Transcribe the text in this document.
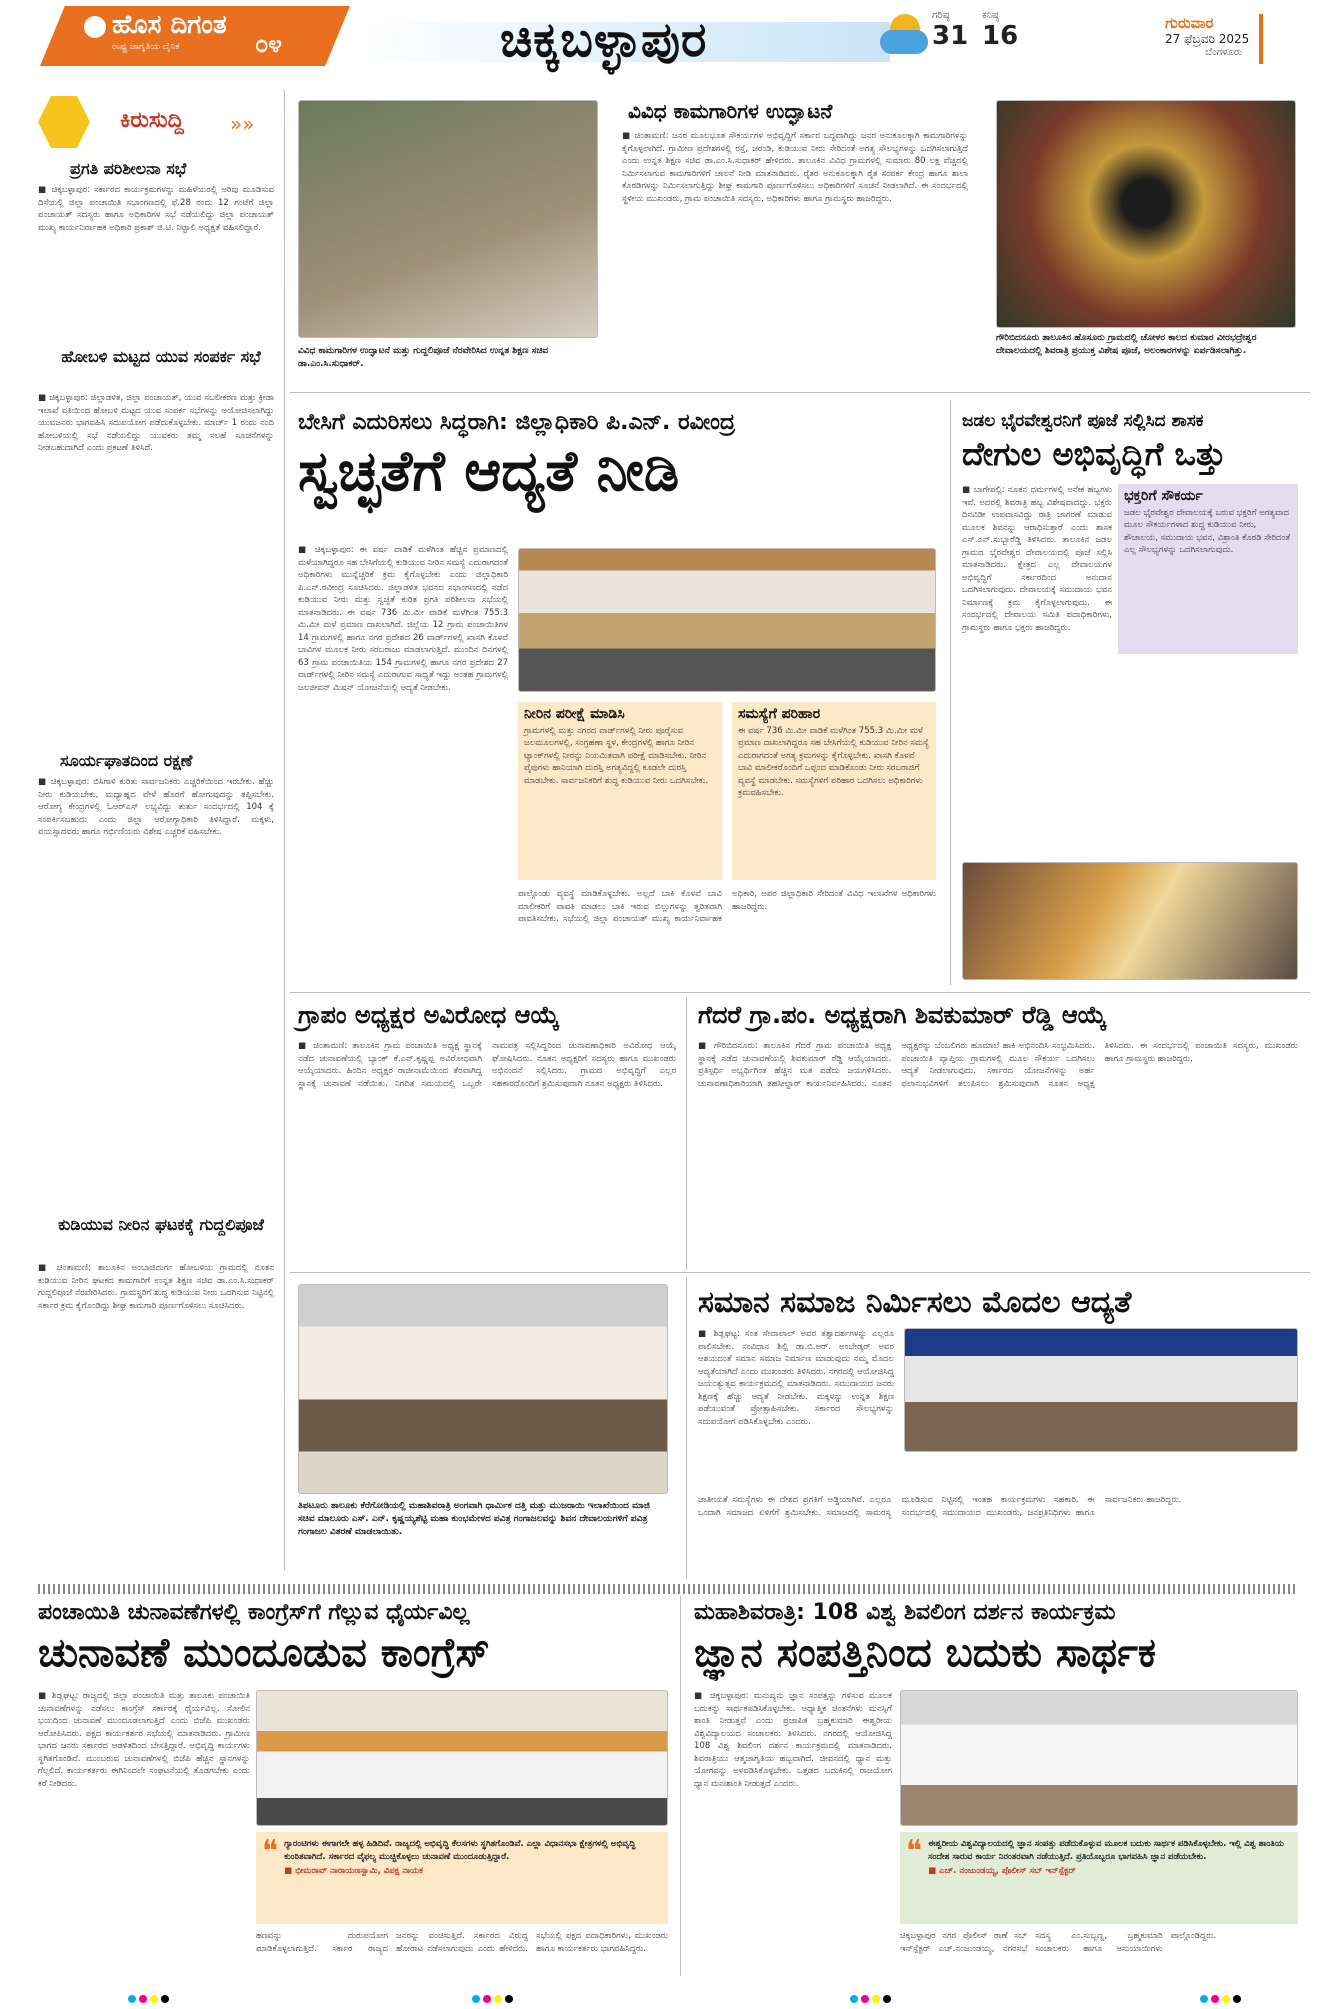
ಹೊಸ ದಿಗಂತ
ರಾಷ್ಟ್ರ ಜಾಗೃತಿಯ ದೈನಿಕ	೦೪	ಚಿಕ್ಕಬಳ್ಳಾಪುರ	ಗರಿಷ್ಠ
31
ಕನಿಷ್ಠ
16	ಗುರುವಾರ
27 ಫೆಬ್ರವರಿ 2025
ಬೆಂಗಳೂರು
ಕಿರುಸುದ್ದಿ »»
ಪ್ರಗತಿ ಪರಿಶೀಲನಾ ಸಭೆ
■ ಚಿಕ್ಕಬಳ್ಳಾಪುರ: ಸರ್ಕಾರದ ಕಾರ್ಯಕ್ರಮಗಳನ್ನು ಮಹಿಳೆಯರಲ್ಲಿ ಅರಿವು ಮೂಡಿಸುವ ದಿಸೆಯಲ್ಲಿ ಜಿಲ್ಲಾ ಪಂಚಾಯಿತಿ ಸಭಾಂಗಣದಲ್ಲಿ ಫೆ.28 ರಂದು 12 ಗಂಟೆಗೆ ಜಿಲ್ಲಾ ಪಂಚಾಯತ್ ಸದಸ್ಯರು ಹಾಗೂ ಅಧಿಕಾರಿಗಳ ಸಭೆ ನಡೆಯಲಿದ್ದು ಜಿಲ್ಲಾ ಪಂಚಾಯತ್ ಮುಖ್ಯ ಕಾರ್ಯನಿರ್ವಾಹಕ ಅಧಿಕಾರಿ ಪ್ರಕಾಶ್ ಜಿ.ಟಿ. ನಿಟ್ಟಾಲಿ ಅಧ್ಯಕ್ಷತೆ ವಹಿಸಲಿದ್ದಾರೆ.
ಹೋಬಳಿ ಮಟ್ಟದ ಯುವ ಸಂಪರ್ಕ ಸಭೆ
■ ಚಿಕ್ಕಬಳ್ಳಾಪುರ: ಜಿಲ್ಲಾಡಳಿತ, ಜಿಲ್ಲಾ ಪಂಚಾಯತ್, ಯುವ ಸಬಲೀಕರಣ ಮತ್ತು ಕ್ರೀಡಾ ಇಲಾಖೆ ವತಿಯಿಂದ ಹೋಬಳಿ ಮಟ್ಟದ ಯುವ ಸಂಪರ್ಕ ಸಭೆಗಳನ್ನು ಆಯೋಜಿಸಲಾಗಿದ್ದು ಯುವಜನರು ಭಾಗವಹಿಸಿ ಸದುಪಯೋಗ ಪಡೆದುಕೊಳ್ಳಬೇಕು. ಮಾರ್ಚ್ 1 ರಂದು ನಂದಿ ಹೋಬಳಿಯಲ್ಲಿ ಸಭೆ ನಡೆಯಲಿದ್ದು ಯುವಕರು ತಮ್ಮ ಸಲಹೆ ಸೂಚನೆಗಳನ್ನು ನೀಡಬಹುದಾಗಿದೆ ಎಂದು ಪ್ರಕಟಣೆ ತಿಳಿಸಿದೆ.
ಸೂರ್ಯಘಾತದಿಂದ ರಕ್ಷಣೆ
■ ಚಿಕ್ಕಬಳ್ಳಾಪುರ: ಬಿಸಿಗಾಳಿ ಕುರಿತು ಸಾರ್ವಜನಿಕರು ಎಚ್ಚರಿಕೆಯಿಂದ ಇರಬೇಕು. ಹೆಚ್ಚು ನೀರು ಕುಡಿಯಬೇಕು, ಮಧ್ಯಾಹ್ನದ ವೇಳೆ ಹೊರಗೆ ಹೋಗುವುದನ್ನು ತಪ್ಪಿಸಬೇಕು. ಆರೋಗ್ಯ ಕೇಂದ್ರಗಳಲ್ಲಿ ಓಆರ್‌ಎಸ್ ಲಭ್ಯವಿದ್ದು ತುರ್ತು ಸಂದರ್ಭದಲ್ಲಿ 104 ಕ್ಕೆ ಸಂಪರ್ಕಿಸಬಹುದು ಎಂದು ಜಿಲ್ಲಾ ಆರೋಗ್ಯಾಧಿಕಾರಿ ತಿಳಿಸಿದ್ದಾರೆ. ಮಕ್ಕಳು, ವಯಸ್ಸಾದವರು ಹಾಗೂ ಗರ್ಭಿಣಿಯರು ವಿಶೇಷ ಎಚ್ಚರಿಕೆ ವಹಿಸಬೇಕು.
ಕುಡಿಯುವ ನೀರಿನ ಘಟಕಕ್ಕೆ ಗುದ್ದಲಿಪೂಜೆ
■ ಚಿಂತಾಮಣಿ: ತಾಲೂಕಿನ ಅಂಬಾಜಿದುರ್ಗ ಹೋಬಳಿಯ ಗ್ರಾಮದಲ್ಲಿ ನೂತನ ಕುಡಿಯುವ ನೀರಿನ ಘಟಕದ ಕಾಮಗಾರಿಗೆ ಉನ್ನತ ಶಿಕ್ಷಣ ಸಚಿವ ಡಾ.ಎಂ.ಸಿ.ಸುಧಾಕರ್ ಗುದ್ದಲಿಪೂಜೆ ನೆರವೇರಿಸಿದರು. ಗ್ರಾಮಸ್ಥರಿಗೆ ಶುದ್ಧ ಕುಡಿಯುವ ನೀರು ಒದಗಿಸುವ ನಿಟ್ಟಿನಲ್ಲಿ ಸರ್ಕಾರ ಕ್ರಮ ಕೈಗೊಂಡಿದ್ದು ಶೀಘ್ರ ಕಾಮಗಾರಿ ಪೂರ್ಣಗೊಳಿಸಲು ಸೂಚಿಸಿದರು.
ವಿವಿಧ ಕಾಮಗಾರಿಗಳ ಉದ್ಘಾಟನೆ ಮತ್ತು ಗುದ್ದಲಿಪೂಜೆ ನೆರವೇರಿಸಿದ ಉನ್ನತ ಶಿಕ್ಷಣ ಸಚಿವ ಡಾ.ಎಂ.ಸಿ.ಸುಧಾಕರ್.
ವಿವಿಧ ಕಾಮಗಾರಿಗಳ ಉದ್ಘಾಟನೆ
■ ಚಿಂತಾಮಣಿ: ಜನರ ಮೂಲಭೂತ ಸೌಕರ್ಯಗಳ ಅಭಿವೃದ್ಧಿಗೆ ಸರ್ಕಾರ ಬದ್ಧವಾಗಿದ್ದು ಜನರ ಅನುಕೂಲಕ್ಕಾಗಿ ಕಾಮಗಾರಿಗಳನ್ನು ಕೈಗೊಳ್ಳಲಾಗಿದೆ. ಗ್ರಾಮೀಣ ಪ್ರದೇಶಗಳಲ್ಲಿ ರಸ್ತೆ, ಚರಂಡಿ, ಕುಡಿಯುವ ನೀರು ಸೇರಿದಂತೆ ಅಗತ್ಯ ಸೌಲಭ್ಯಗಳನ್ನು ಒದಗಿಸಲಾಗುತ್ತಿದೆ ಎಂದು ಉನ್ನತ ಶಿಕ್ಷಣ ಸಚಿವ ಡಾ.ಎಂ.ಸಿ.ಸುಧಾಕರ್ ಹೇಳಿದರು. ತಾಲೂಕಿನ ವಿವಿಧ ಗ್ರಾಮಗಳಲ್ಲಿ ಸುಮಾರು 80 ಲಕ್ಷ ವೆಚ್ಚದಲ್ಲಿ ನಿರ್ಮಿಸಲಾಗುವ ಕಾಮಗಾರಿಗಳಿಗೆ ಚಾಲನೆ ನೀಡಿ ಮಾತನಾಡಿದರು. ರೈತರ ಅನುಕೂಲಕ್ಕಾಗಿ ರೈತ ಸಂಪರ್ಕ ಕೇಂದ್ರ ಹಾಗೂ ಶಾಲಾ ಕೊಠಡಿಗಳನ್ನು ನಿರ್ಮಿಸಲಾಗುತ್ತಿದ್ದು ಶೀಘ್ರ ಕಾಮಗಾರಿ ಪೂರ್ಣಗೊಳಿಸಲು ಅಧಿಕಾರಿಗಳಿಗೆ ಸೂಚನೆ ನೀಡಲಾಗಿದೆ. ಈ ಸಂದರ್ಭದಲ್ಲಿ ಸ್ಥಳೀಯ ಮುಖಂಡರು, ಗ್ರಾಮ ಪಂಚಾಯಿತಿ ಸದಸ್ಯರು, ಅಧಿಕಾರಿಗಳು ಹಾಗೂ ಗ್ರಾಮಸ್ಥರು ಹಾಜರಿದ್ದರು.
ಗೌರಿಬಿದನೂರು ತಾಲೂಕಿನ ಹೊಸೂರು ಗ್ರಾಮದಲ್ಲಿ ಚೋಳರ ಕಾಲದ ಕುಮಾರ ವೀರಭದ್ರೇಶ್ವರ ದೇವಾಲಯದಲ್ಲಿ ಶಿವರಾತ್ರಿ ಪ್ರಯುಕ್ತ ವಿಶೇಷ ಪೂಜೆ, ಅಲಂಕಾರಗಳನ್ನು ಏರ್ಪಡಿಸಲಾಗಿತ್ತು.
ಬೇಸಿಗೆ ಎದುರಿಸಲು ಸಿದ್ಧರಾಗಿ: ಜಿಲ್ಲಾಧಿಕಾರಿ ಪಿ.ಎನ್. ರವೀಂದ್ರ
ಸ್ವಚ್ಛತೆಗೆ ಆದ್ಯತೆ ನೀಡಿ
■ ಚಿಕ್ಕಬಳ್ಳಾಪುರ: ಈ ವರ್ಷ ವಾಡಿಕೆ ಮಳೆಗಿಂತ ಹೆಚ್ಚಿನ ಪ್ರಮಾಣದಲ್ಲಿ ಮಳೆಯಾಗಿದ್ದರೂ ಸಹ ಬೇಸಿಗೆಯಲ್ಲಿ ಕುಡಿಯುವ ನೀರಿನ ಸಮಸ್ಯೆ ಎದುರಾಗದಂತೆ ಅಧಿಕಾರಿಗಳು ಮುನ್ನೆಚ್ಚರಿಕೆ ಕ್ರಮ ಕೈಗೊಳ್ಳಬೇಕು ಎಂದು ಜಿಲ್ಲಾಧಿಕಾರಿ ಪಿ.ಎನ್.ರವೀಂದ್ರ ಸೂಚಿಸಿದರು. ಜಿಲ್ಲಾಡಳಿತ ಭವನದ ಸಭಾಂಗಣದಲ್ಲಿ ನಡೆದ ಕುಡಿಯುವ ನೀರು ಮತ್ತು ಸ್ವಚ್ಛತೆ ಕುರಿತ ಪ್ರಗತಿ ಪರಿಶೀಲನಾ ಸಭೆಯಲ್ಲಿ ಮಾತನಾಡಿದರು. ಈ ವರ್ಷ 736 ಮಿ.ಮೀ ವಾಡಿಕೆ ಮಳೆಗಿಂತ 755.3 ಮಿ.ಮೀ ಮಳೆ ಪ್ರಮಾಣ ದಾಖಲಾಗಿದೆ. ಜಿಲ್ಲೆಯ 12 ಗ್ರಾಮ ಪಂಚಾಯಿತಿಗಳ 14 ಗ್ರಾಮಗಳಲ್ಲಿ ಹಾಗೂ ನಗರ ಪ್ರದೇಶದ 26 ವಾರ್ಡ್‌ಗಳಲ್ಲಿ ಖಾಸಗಿ ಕೊಳವೆ ಬಾವಿಗಳ ಮೂಲಕ ನೀರು ಸರಬರಾಜು ಮಾಡಲಾಗುತ್ತಿದೆ. ಮುಂದಿನ ದಿನಗಳಲ್ಲಿ 63 ಗ್ರಾಮ ಪಂಚಾಯಿತಿಯ 154 ಗ್ರಾಮಗಳಲ್ಲಿ ಹಾಗೂ ನಗರ ಪ್ರದೇಶದ 27 ವಾರ್ಡ್‌ಗಳಲ್ಲಿ ನೀರಿನ ಸಮಸ್ಯೆ ಎದುರಾಗುವ ಸಾಧ್ಯತೆ ಇದ್ದು ಅಂತಹ ಗ್ರಾಮಗಳಲ್ಲಿ ಜಲಜೀವನ್ ಮಿಷನ್ ಯೋಜನೆಯಲ್ಲಿ ಆದ್ಯತೆ ನೀಡಬೇಕು.
ನೀರಿನ ಪರೀಕ್ಷೆ ಮಾಡಿಸಿ
ಗ್ರಾಮಗಳಲ್ಲಿ ಮತ್ತು ನಗರದ ವಾರ್ಡ್‌ಗಳಲ್ಲಿ ನೀರು ಪೂರೈಸುವ ಜಲಮೂಲಗಳಲ್ಲಿ, ಸಂಗ್ರಹಣಾ ಸ್ಥಳ, ಕೇಂದ್ರಗಳಲ್ಲಿ ಹಾಗೂ ನೀರಿನ ಟ್ಯಾಂಕ್‌ಗಳಲ್ಲಿ ನೀರನ್ನು ನಿಯಮಿತವಾಗಿ ಪರೀಕ್ಷೆ ಮಾಡಿಸಬೇಕು. ನೀರಿನ ಪೈಪುಗಳು ಹಾನಿಯಾಗಿ ದುರಸ್ತಿ ಅಗತ್ಯವಿದ್ದಲ್ಲಿ ಕೂಡಲೇ ದುರಸ್ತಿ ಮಾಡಬೇಕು. ಸಾರ್ವಜನಿಕರಿಗೆ ಶುದ್ಧ ಕುಡಿಯುವ ನೀರು ಒದಗಿಸಬೇಕು.
ಸಮಸ್ಯೆಗೆ ಪರಿಹಾರ
ಈ ವರ್ಷ 736 ಮಿ.ಮೀ ವಾಡಿಕೆ ಮಳೆಗಿಂತ 755.3 ಮಿ.ಮೀ ಮಳೆ ಪ್ರಮಾಣ ದಾಖಲಾಗಿದ್ದರೂ ಸಹ ಬೇಸಿಗೆಯಲ್ಲಿ ಕುಡಿಯುವ ನೀರಿನ ಸಮಸ್ಯೆ ಎದುರಾಗದಂತೆ ಅಗತ್ಯ ಕ್ರಮಗಳನ್ನು ಕೈಗೊಳ್ಳಬೇಕು. ಖಾಸಗಿ ಕೊಳವೆ ಬಾವಿ ಮಾಲೀಕರೊಂದಿಗೆ ಒಪ್ಪಂದ ಮಾಡಿಕೊಂಡು ನೀರು ಸರಬರಾಜಿಗೆ ವ್ಯವಸ್ಥೆ ಮಾಡಬೇಕು. ಸಮಸ್ಯೆಗಳಿಗೆ ಪರಿಹಾರ ಒದಗಿಸಲು ಅಧಿಕಾರಿಗಳು ಕ್ರಮವಹಿಸಬೇಕು.
ಪಾಲ್ಗೊಂಡು ವ್ಯವಸ್ಥೆ ಮಾಡಿಕೊಳ್ಳಬೇಕು. ಅಲ್ಲದೆ ಬಾಕಿ ಕೊಳವೆ ಬಾವಿ ಮಾಲೀಕರಿಗೆ ಪಾವತಿ ಮಾಡಲು ಬಾಕಿ ಇರುವ ಬಿಲ್ಲುಗಳನ್ನು ತ್ವರಿತವಾಗಿ ಪಾವತಿಸಬೇಕು. ಸಭೆಯಲ್ಲಿ ಜಿಲ್ಲಾ ಪಂಚಾಯತ್ ಮುಖ್ಯ ಕಾರ್ಯನಿರ್ವಾಹಕ ಅಧಿಕಾರಿ, ಅಪರ ಜಿಲ್ಲಾಧಿಕಾರಿ ಸೇರಿದಂತೆ ವಿವಿಧ ಇಲಾಖೆಗಳ ಅಧಿಕಾರಿಗಳು ಹಾಜರಿದ್ದರು.
ಜಡಲ ಭೈರವೇಶ್ವರನಿಗೆ ಪೂಜೆ ಸಲ್ಲಿಸಿದ ಶಾಸಕ
ದೇಗುಲ ಅಭಿವೃದ್ಧಿಗೆ ಒತ್ತು
■ ಬಾಗೇಪಲ್ಲಿ: ನೂತನ ಧರ್ಮಗಳಲ್ಲಿ ಅನೇಕ ಹಬ್ಬಗಳು ಇವೆ. ಅದರಲ್ಲಿ ಶಿವರಾತ್ರಿ ಹಬ್ಬ ವಿಶೇಷವಾದದ್ದು. ಭಕ್ತರು ದಿನವಿಡೀ ಉಪವಾಸವಿದ್ದು ರಾತ್ರಿ ಜಾಗರಣೆ ಮಾಡುವ ಮೂಲಕ ಶಿವನನ್ನು ಆರಾಧಿಸುತ್ತಾರೆ ಎಂದು ಶಾಸಕ ಎಸ್.ಎನ್.ಸುಬ್ಬಾರೆಡ್ಡಿ ತಿಳಿಸಿದರು. ತಾಲೂಕಿನ ಜಡಲ ಗ್ರಾಮದ ಭೈರವೇಶ್ವರ ದೇವಾಲಯದಲ್ಲಿ ಪೂಜೆ ಸಲ್ಲಿಸಿ ಮಾತನಾಡಿದರು. ಕ್ಷೇತ್ರದ ಎಲ್ಲ ದೇವಾಲಯಗಳ ಅಭಿವೃದ್ಧಿಗೆ ಸರ್ಕಾರದಿಂದ ಅನುದಾನ ಒದಗಿಸಲಾಗುವುದು. ದೇವಾಲಯಕ್ಕೆ ಸಮುದಾಯ ಭವನ ನಿರ್ಮಾಣಕ್ಕೆ ಕ್ರಮ ಕೈಗೊಳ್ಳಲಾಗುವುದು. ಈ ಸಂದರ್ಭದಲ್ಲಿ ದೇವಾಲಯ ಸಮಿತಿ ಪದಾಧಿಕಾರಿಗಳು, ಗ್ರಾಮಸ್ಥರು ಹಾಗೂ ಭಕ್ತರು ಹಾಜರಿದ್ದರು.
ಭಕ್ತರಿಗೆ ಸೌಕರ್ಯ
ಜಡಲ ಭೈರವೇಶ್ವರ ದೇವಾಲಯಕ್ಕೆ ಬರುವ ಭಕ್ತರಿಗೆ ಅಗತ್ಯವಾದ ಮೂಲ ಸೌಕರ್ಯಗಳಾದ ಶುದ್ಧ ಕುಡಿಯುವ ನೀರು, ಶೌಚಾಲಯ, ಸಮುದಾಯ ಭವನ, ವಿಶ್ರಾಂತಿ ಕೊಠಡಿ ಸೇರಿದಂತೆ ಎಲ್ಲ ಸೌಲಭ್ಯಗಳನ್ನು ಒದಗಿಸಲಾಗುವುದು.
ಗ್ರಾಪಂ ಅಧ್ಯಕ್ಷರ ಅವಿರೋಧ ಆಯ್ಕೆ
■ ಚಿಂತಾಮಣಿ: ತಾಲೂಕಿನ ಗ್ರಾಮ ಪಂಚಾಯಿತಿ ಅಧ್ಯಕ್ಷ ಸ್ಥಾನಕ್ಕೆ ನಡೆದ ಚುನಾವಣೆಯಲ್ಲಿ ಬ್ಯಾಂಕ್ ಕೆ.ಎನ್.ಕೃಷ್ಣಪ್ಪ ಅವಿರೋಧವಾಗಿ ಆಯ್ಕೆಯಾದರು. ಹಿಂದಿನ ಅಧ್ಯಕ್ಷರ ರಾಜೀನಾಮೆಯಿಂದ ತೆರವಾಗಿದ್ದ ಸ್ಥಾನಕ್ಕೆ ಚುನಾವಣೆ ನಡೆಯಿತು. ನಿಗದಿತ ಸಮಯದಲ್ಲಿ ಒಬ್ಬರೇ ನಾಮಪತ್ರ ಸಲ್ಲಿಸಿದ್ದರಿಂದ ಚುನಾವಣಾಧಿಕಾರಿ ಅವಿರೋಧ ಆಯ್ಕೆ ಘೋಷಿಸಿದರು. ನೂತನ ಅಧ್ಯಕ್ಷರಿಗೆ ಸದಸ್ಯರು ಹಾಗೂ ಮುಖಂಡರು ಅಭಿನಂದನೆ ಸಲ್ಲಿಸಿದರು. ಗ್ರಾಮದ ಅಭಿವೃದ್ಧಿಗೆ ಎಲ್ಲರ ಸಹಕಾರದೊಂದಿಗೆ ಶ್ರಮಿಸುವುದಾಗಿ ನೂತನ ಅಧ್ಯಕ್ಷರು ತಿಳಿಸಿದರು.
ಗೆದರೆ ಗ್ರಾ.ಪಂ. ಅಧ್ಯಕ್ಷರಾಗಿ ಶಿವಕುಮಾರ್ ರೆಡ್ಡಿ ಆಯ್ಕೆ
■ ಗೌರಿಬಿದನೂರು: ತಾಲೂಕಿನ ಗೆದರೆ ಗ್ರಾಮ ಪಂಚಾಯಿತಿ ಅಧ್ಯಕ್ಷ ಸ್ಥಾನಕ್ಕೆ ನಡೆದ ಚುನಾವಣೆಯಲ್ಲಿ ಶಿವಕುಮಾರ್ ರೆಡ್ಡಿ ಆಯ್ಕೆಯಾದರು. ಪ್ರತಿಸ್ಪರ್ಧಿ ಅಭ್ಯರ್ಥಿಗಿಂತ ಹೆಚ್ಚಿನ ಮತ ಪಡೆದು ಜಯಗಳಿಸಿದರು. ಚುನಾವಣಾಧಿಕಾರಿಯಾಗಿ ತಹಸೀಲ್ದಾರ್ ಕಾರ್ಯನಿರ್ವಹಿಸಿದರು. ನೂತನ ಅಧ್ಯಕ್ಷರನ್ನು ಬೆಂಬಲಿಗರು ಹೂಮಾಲೆ ಹಾಕಿ ಅಭಿನಂದಿಸಿ ಸಂಭ್ರಮಿಸಿದರು. ಪಂಚಾಯಿತಿ ವ್ಯಾಪ್ತಿಯ ಗ್ರಾಮಗಳಲ್ಲಿ ಮೂಲ ಸೌಕರ್ಯ ಒದಗಿಸಲು ಆದ್ಯತೆ ನೀಡಲಾಗುವುದು. ಸರ್ಕಾರದ ಯೋಜನೆಗಳನ್ನು ಅರ್ಹ ಫಲಾನುಭವಿಗಳಿಗೆ ತಲುಪಿಸಲು ಶ್ರಮಿಸುವುದಾಗಿ ನೂತನ ಅಧ್ಯಕ್ಷ ತಿಳಿಸಿದರು. ಈ ಸಂದರ್ಭದಲ್ಲಿ ಪಂಚಾಯಿತಿ ಸದಸ್ಯರು, ಮುಖಂಡರು ಹಾಗೂ ಗ್ರಾಮಸ್ಥರು ಹಾಜರಿದ್ದರು.
ತಿಪಟೂರು ತಾಲೂಕು ಕೆರೆಗೋಡಿಯಲ್ಲಿ ಮಹಾಶಿವರಾತ್ರಿ ಅಂಗವಾಗಿ ಧಾರ್ಮಿಕ ದತ್ತಿ ಮತ್ತು ಮುಜರಾಯಿ ಇಲಾಖೆಯಿಂದ ಮಾಜಿ ಸಚಿವ ಮಾಲೂರು ಎಸ್. ಎನ್. ಕೃಷ್ಣಯ್ಯಶೆಟ್ಟಿ ಮಹಾ ಕುಂಭಮೇಳದ ಪವಿತ್ರ ಗಂಗಾಜಲವನ್ನು ಶಿವನ ದೇವಾಲಯಗಳಿಗೆ ಪವಿತ್ರ ಗಂಗಾಜಲ ವಿತರಣೆ ಮಾಡಲಾಯಿತು.
ಸಮಾನ ಸಮಾಜ ನಿರ್ಮಿಸಲು ಮೊದಲ ಆದ್ಯತೆ
■ ಶಿಡ್ಲಘಟ್ಟ: ಸಂತ ಸೇವಾಲಾಲ್ ಅವರ ತತ್ವಾದರ್ಶಗಳನ್ನು ಎಲ್ಲರೂ ಪಾಲಿಸಬೇಕು. ಸಂವಿಧಾನ ಶಿಲ್ಪಿ ಡಾ.ಬಿ.ಆರ್. ಅಂಬೇಡ್ಕರ್ ಅವರ ಆಶಯದಂತೆ ಸಮಾನ ಸಮಾಜ ನಿರ್ಮಾಣ ಮಾಡುವುದು ನಮ್ಮ ಮೊದಲ ಆದ್ಯತೆಯಾಗಿದೆ ಎಂದು ಮುಖಂಡರು ತಿಳಿಸಿದರು. ನಗರದಲ್ಲಿ ಆಯೋಜಿಸಿದ್ದ ಜಯಂತ್ಯುತ್ಸವ ಕಾರ್ಯಕ್ರಮದಲ್ಲಿ ಮಾತನಾಡಿದರು. ಸಮುದಾಯದ ಜನರು ಶಿಕ್ಷಣಕ್ಕೆ ಹೆಚ್ಚು ಆದ್ಯತೆ ನೀಡಬೇಕು. ಮಕ್ಕಳನ್ನು ಉನ್ನತ ಶಿಕ್ಷಣ ಪಡೆಯುವಂತೆ ಪ್ರೋತ್ಸಾಹಿಸಬೇಕು. ಸರ್ಕಾರದ ಸೌಲಭ್ಯಗಳನ್ನು ಸದುಪಯೋಗ ಪಡಿಸಿಕೊಳ್ಳಬೇಕು ಎಂದರು.
ಜಾತೀಯತೆ ಸಮಸ್ಯೆಗಳು ಈ ದೇಶದ ಪ್ರಗತಿಗೆ ಅಡ್ಡಿಯಾಗಿವೆ. ಎಲ್ಲರೂ ಒಂದಾಗಿ ಸಮಾಜದ ಏಳಿಗೆಗೆ ಶ್ರಮಿಸಬೇಕು. ಸಮಾಜದಲ್ಲಿ ಸಾಮರಸ್ಯ ಮೂಡಿಸುವ ನಿಟ್ಟಿನಲ್ಲಿ ಇಂತಹ ಕಾರ್ಯಕ್ರಮಗಳು ಸಹಕಾರಿ. ಈ ಸಂದರ್ಭದಲ್ಲಿ ಸಮುದಾಯದ ಮುಖಂಡರು, ಜನಪ್ರತಿನಿಧಿಗಳು ಹಾಗೂ ಸಾರ್ವಜನಿಕರು ಹಾಜರಿದ್ದರು.
ಪಂಚಾಯಿತಿ ಚುನಾವಣೆಗಳಲ್ಲಿ ಕಾಂಗ್ರೆಸ್‌ಗೆ ಗೆಲ್ಲುವ ಧೈರ್ಯವಿಲ್ಲ
ಚುನಾವಣೆ ಮುಂದೂಡುವ ಕಾಂಗ್ರೆಸ್
■ ಶಿಡ್ಲಘಟ್ಟ: ರಾಜ್ಯದಲ್ಲಿ ಜಿಲ್ಲಾ ಪಂಚಾಯಿತಿ ಮತ್ತು ತಾಲೂಕು ಪಂಚಾಯಿತಿ ಚುನಾವಣೆಗಳನ್ನು ನಡೆಸಲು ಕಾಂಗ್ರೆಸ್ ಸರ್ಕಾರಕ್ಕೆ ಧೈರ್ಯವಿಲ್ಲ. ಸೋಲಿನ ಭಯದಿಂದ ಚುನಾವಣೆ ಮುಂದೂಡಲಾಗುತ್ತಿದೆ ಎಂದು ಬಿಜೆಪಿ ಮುಖಂಡರು ಆರೋಪಿಸಿದರು. ಪಕ್ಷದ ಕಾರ್ಯಕರ್ತರ ಸಭೆಯಲ್ಲಿ ಮಾತನಾಡಿದರು. ಗ್ರಾಮೀಣ ಭಾಗದ ಜನರು ಸರ್ಕಾರದ ಆಡಳಿತದಿಂದ ಬೇಸತ್ತಿದ್ದಾರೆ. ಅಭಿವೃದ್ಧಿ ಕಾರ್ಯಗಳು ಸ್ಥಗಿತಗೊಂಡಿವೆ. ಮುಂಬರುವ ಚುನಾವಣೆಗಳಲ್ಲಿ ಬಿಜೆಪಿ ಹೆಚ್ಚಿನ ಸ್ಥಾನಗಳನ್ನು ಗೆಲ್ಲಲಿದೆ. ಕಾರ್ಯಕರ್ತರು ಈಗಿನಿಂದಲೇ ಸಂಘಟನೆಯಲ್ಲಿ ತೊಡಗಬೇಕು ಎಂದು ಕರೆ ನೀಡಿದರು.
❝ ಗ್ಯಾರಂಟಿಗಳು ಈಗಾಗಲೇ ಹಳ್ಳ ಹಿಡಿದಿವೆ. ರಾಜ್ಯದಲ್ಲಿ ಅಭಿವೃದ್ಧಿ ಕೆಲಸಗಳು ಸ್ಥಗಿತಗೊಂಡಿವೆ. ಎಲ್ಲಾ ವಿಧಾನಸಭಾ ಕ್ಷೇತ್ರಗಳಲ್ಲಿ ಅಭಿವೃದ್ಧಿ ಕುಂಠಿತವಾಗಿದೆ. ಸರ್ಕಾರದ ವೈಫಲ್ಯ ಮುಚ್ಚಿಕೊಳ್ಳಲು ಚುನಾವಣೆ ಮುಂದೂಡುತ್ತಿದ್ದಾರೆ.
■ ಭೀಮರಾವ್ ನಾರಾಯಣಸ್ವಾಮಿ, ವಿಪಕ್ಷ ನಾಯಕ
ಹಣವನ್ನು ದುರುಪಯೋಗ ಮಾಡಿಕೊಳ್ಳಲಾಗುತ್ತಿದೆ. ಸರ್ಕಾರ ರಾಜ್ಯದ ಜನರನ್ನು ವಂಚಿಸುತ್ತಿದೆ. ಸರ್ಕಾರದ ವಿರುದ್ಧ ಹೋರಾಟ ನಡೆಸಲಾಗುವುದು ಎಂದು ಹೇಳಿದರು. ಸಭೆಯಲ್ಲಿ ಪಕ್ಷದ ಪದಾಧಿಕಾರಿಗಳು, ಮುಖಂಡರು ಹಾಗೂ ಕಾರ್ಯಕರ್ತರು ಭಾಗವಹಿಸಿದ್ದರು.
ಮಹಾಶಿವರಾತ್ರಿ: 108 ವಿಶ್ವ ಶಿವಲಿಂಗ ದರ್ಶನ ಕಾರ್ಯಕ್ರಮ
ಜ್ಞಾನ ಸಂಪತ್ತಿನಿಂದ ಬದುಕು ಸಾರ್ಥಕ
■ ಚಿಕ್ಕಬಳ್ಳಾಪುರ: ಮನುಷ್ಯನು ಜ್ಞಾನ ಸಂಪತ್ತನ್ನು ಗಳಿಸುವ ಮೂಲಕ ಬದುಕನ್ನು ಸಾರ್ಥಕಪಡಿಸಿಕೊಳ್ಳಬೇಕು. ಆಧ್ಯಾತ್ಮಿಕ ಚಿಂತನೆಗಳು ಮನಸ್ಸಿಗೆ ಶಾಂತಿ ನೀಡುತ್ತವೆ ಎಂದು ಪ್ರಜಾಪಿತ ಬ್ರಹ್ಮಕುಮಾರಿ ಈಶ್ವರೀಯ ವಿಶ್ವವಿದ್ಯಾಲಯದ ಸಂಚಾಲಕರು ತಿಳಿಸಿದರು. ನಗರದಲ್ಲಿ ಆಯೋಜಿಸಿದ್ದ 108 ವಿಶ್ವ ಶಿವಲಿಂಗ ದರ್ಶನ ಕಾರ್ಯಕ್ರಮದಲ್ಲಿ ಮಾತನಾಡಿದರು. ಶಿವರಾತ್ರಿಯು ಆತ್ಮಜಾಗೃತಿಯ ಹಬ್ಬವಾಗಿದೆ. ಜೀವನದಲ್ಲಿ ಧ್ಯಾನ ಮತ್ತು ಯೋಗವನ್ನು ಅಳವಡಿಸಿಕೊಳ್ಳಬೇಕು. ಒತ್ತಡದ ಬದುಕಿನಲ್ಲಿ ರಾಜಯೋಗ ಧ್ಯಾನ ಮನಃಶಾಂತಿ ನೀಡುತ್ತದೆ ಎಂದರು.
❝ ಈಶ್ವರೀಯ ವಿಶ್ವವಿದ್ಯಾಲಯದಲ್ಲಿ ಜ್ಞಾನ ಸಂಪತ್ತು ಪಡೆದುಕೊಳ್ಳುವ ಮೂಲಕ ಬದುಕು ಸಾರ್ಥಕ ಪಡಿಸಿಕೊಳ್ಳಬೇಕು. ಇಲ್ಲಿ ವಿಶ್ವ ಶಾಂತಿಯ ಸಂದೇಶ ಸಾರುವ ಕಾರ್ಯ ನಿರಂತರವಾಗಿ ನಡೆಯುತ್ತಿದೆ. ಪ್ರತಿಯೊಬ್ಬರೂ ಭಾಗವಹಿಸಿ ಜ್ಞಾನ ಪಡೆಯಬೇಕು.
■ ಎಚ್. ನಂಜುಂಡಯ್ಯ, ಪೊಲೀಸ್ ಸಬ್ ಇನ್‌ಸ್ಪೆಕ್ಟರ್
ಚಿಕ್ಕಬಳ್ಳಾಪುರ ನಗರ ಪೊಲೀಸ್ ಠಾಣೆ ಸಬ್ ಇನ್‌ಸ್ಪೆಕ್ಟರ್ ಎಚ್.ನಂಜುಂಡಯ್ಯ, ನಗರಸಭೆ ಸದಸ್ಯ ಎಂ.ಸುಬ್ಬಣ್ಣ, ಬ್ರಹ್ಮಕುಮಾರಿ ಸಂಚಾಲಕರು ಹಾಗೂ ಅನುಯಾಯಿಗಳು ಪಾಲ್ಗೊಂಡಿದ್ದರು.
